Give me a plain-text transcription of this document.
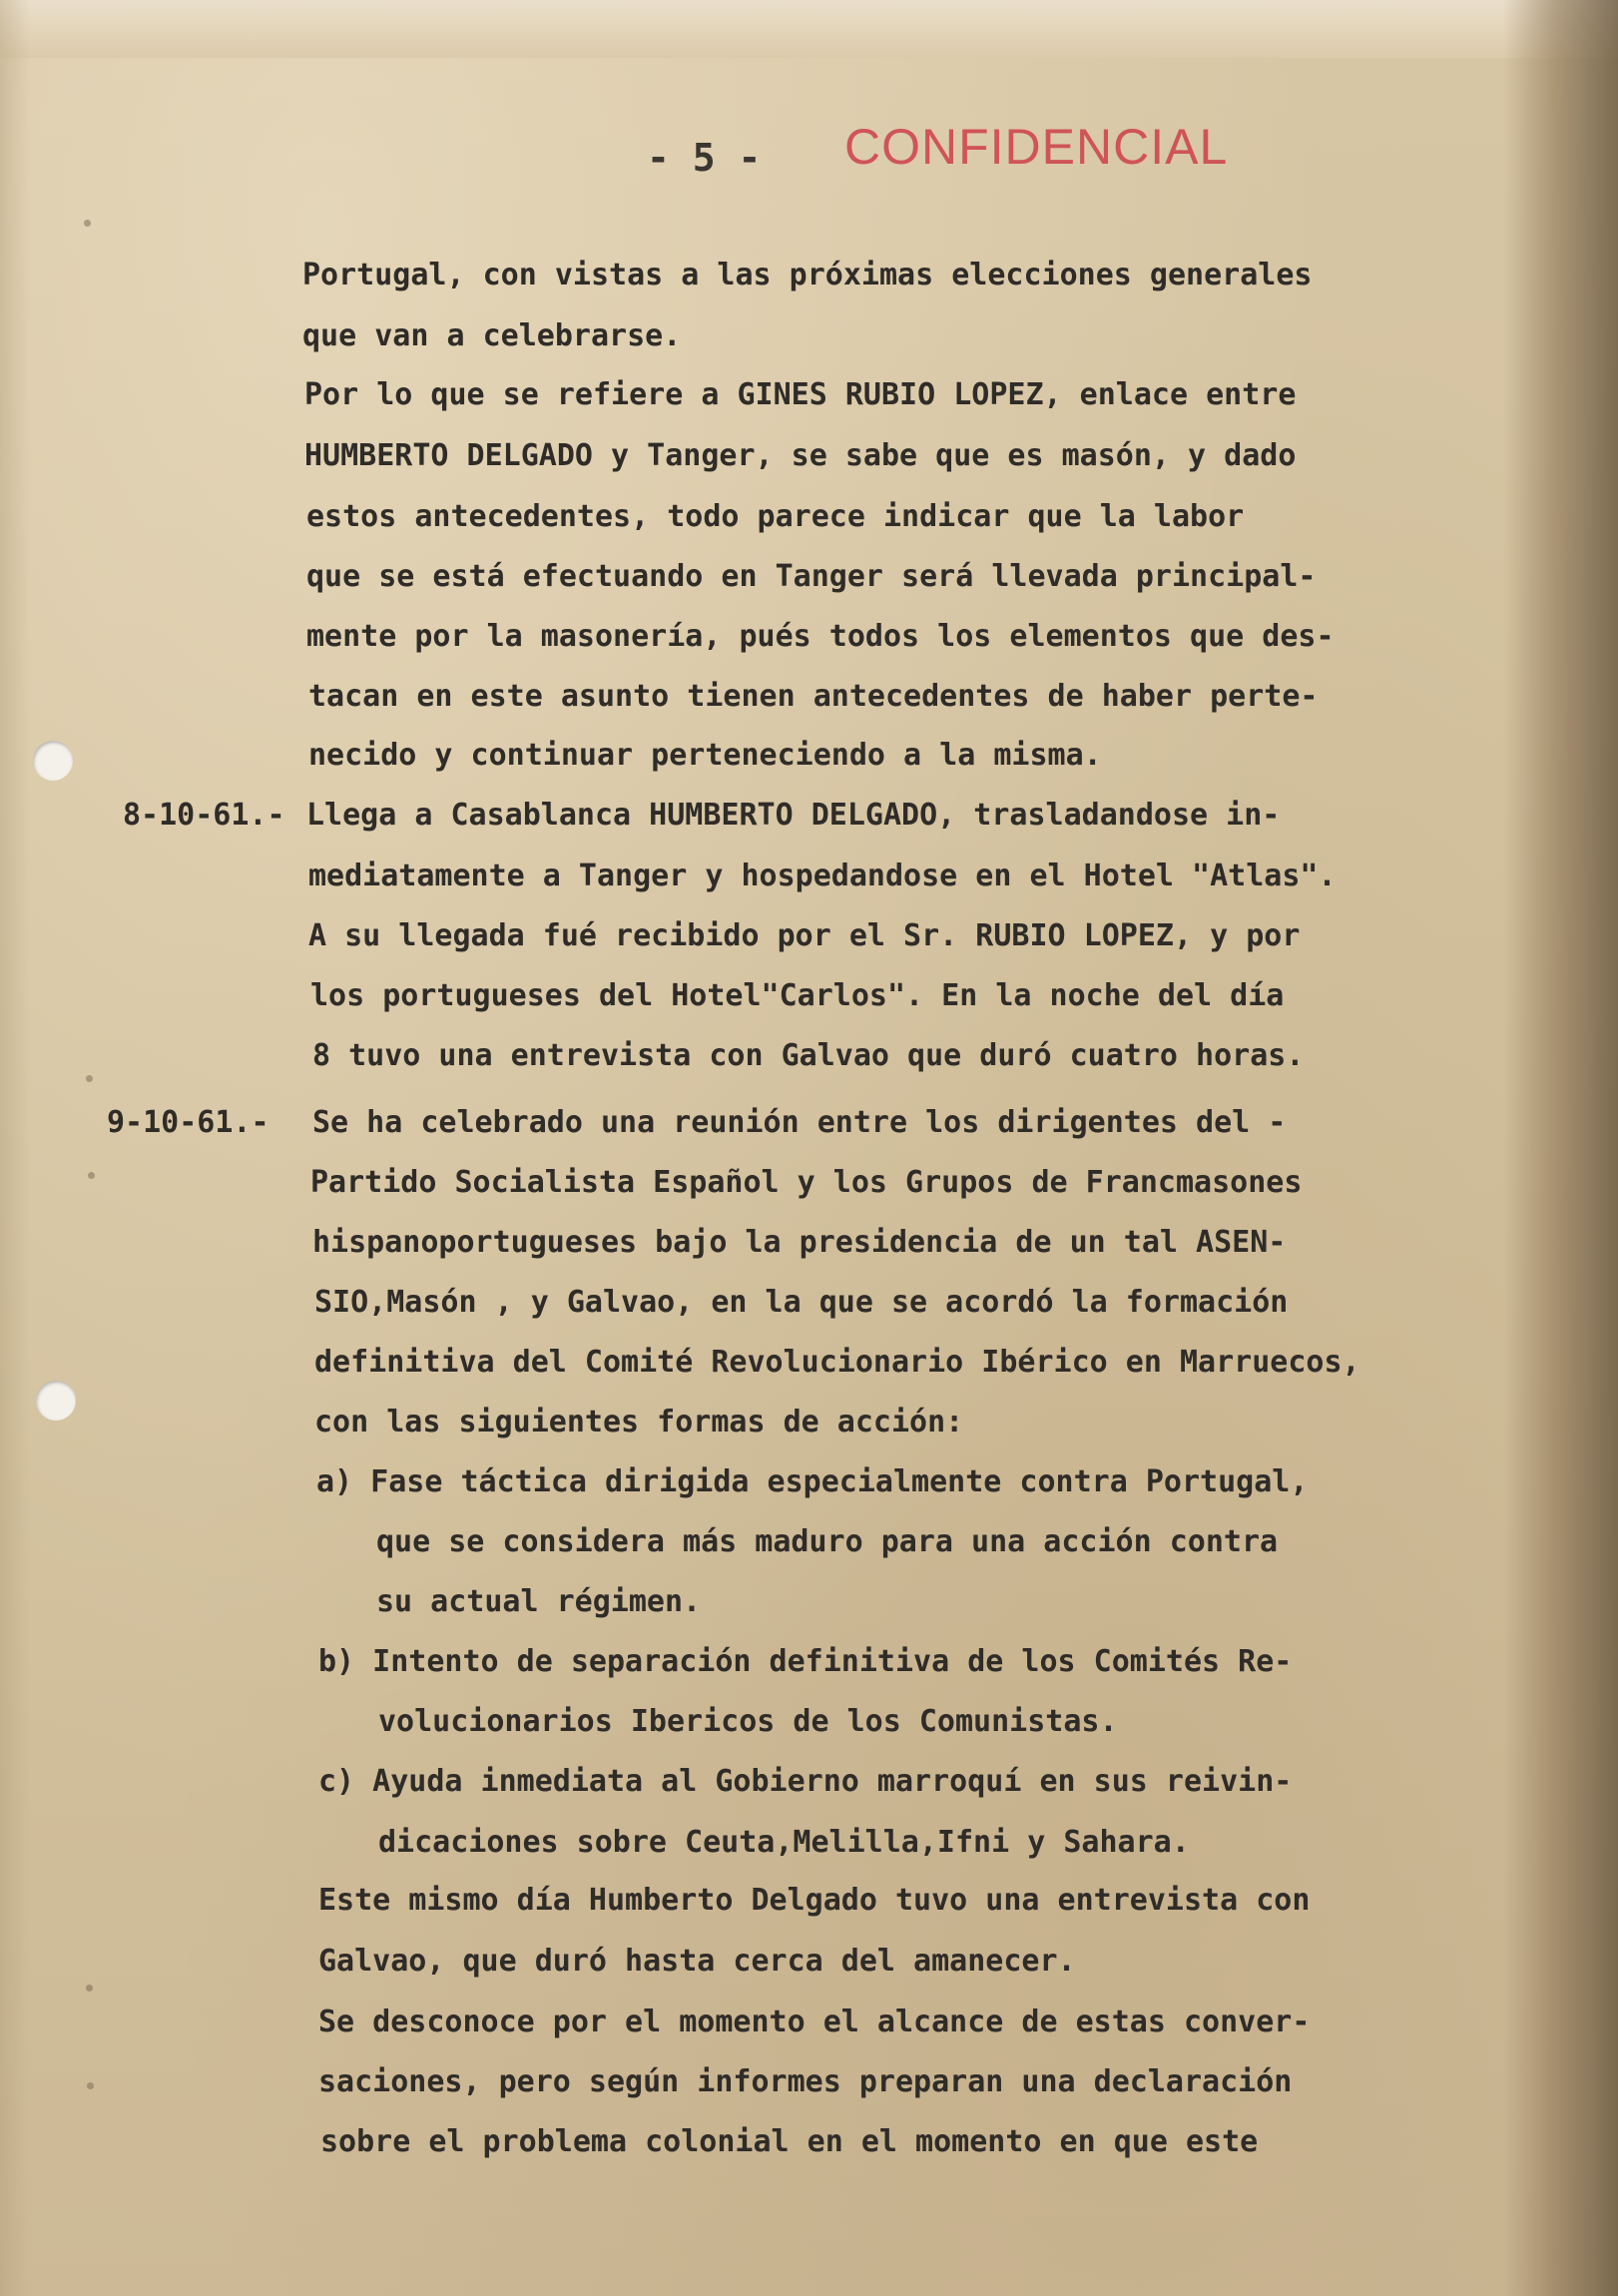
- 5 - CONFIDENCIAL
Portugal, con vistas a las próximas elecciones generales
que van a celebrarse.
Por lo que se refiere a GINES RUBIO LOPEZ, enlace entre
HUMBERTO DELGADO y Tanger, se sabe que es masón, y dado
estos antecedentes, todo parece indicar que la labor
que se está efectuando en Tanger será llevada principal-
mente por la masonería, pués todos los elementos que des-
tacan en este asunto tienen antecedentes de haber perte-
necido y continuar perteneciendo a la misma.
8-10-61.- Llega a Casablanca HUMBERTO DELGADO, trasladandose in-
mediatamente a Tanger y hospedandose en el Hotel "Atlas".
A su llegada fué recibido por el Sr. RUBIO LOPEZ, y por
los portugueses del Hotel"Carlos". En la noche del día
8 tuvo una entrevista con Galvao que duró cuatro horas.
9-10-61.- Se ha celebrado una reunión entre los dirigentes del -
Partido Socialista Español y los Grupos de Francmasones
hispanoportugueses bajo la presidencia de un tal ASEN-
SIO,Masón , y Galvao, en la que se acordó la formación
definitiva del Comité Revolucionario Ibérico en Marruecos,
con las siguientes formas de acción:
a) Fase táctica dirigida especialmente contra Portugal,
que se considera más maduro para una acción contra
su actual régimen.
b) Intento de separación definitiva de los Comités Re-
volucionarios Ibericos de los Comunistas.
c) Ayuda inmediata al Gobierno marroquí en sus reivin-
dicaciones sobre Ceuta,Melilla,Ifni y Sahara.
Este mismo día Humberto Delgado tuvo una entrevista con
Galvao, que duró hasta cerca del amanecer.
Se desconoce por el momento el alcance de estas conver-
saciones, pero según informes preparan una declaración
sobre el problema colonial en el momento en que este
